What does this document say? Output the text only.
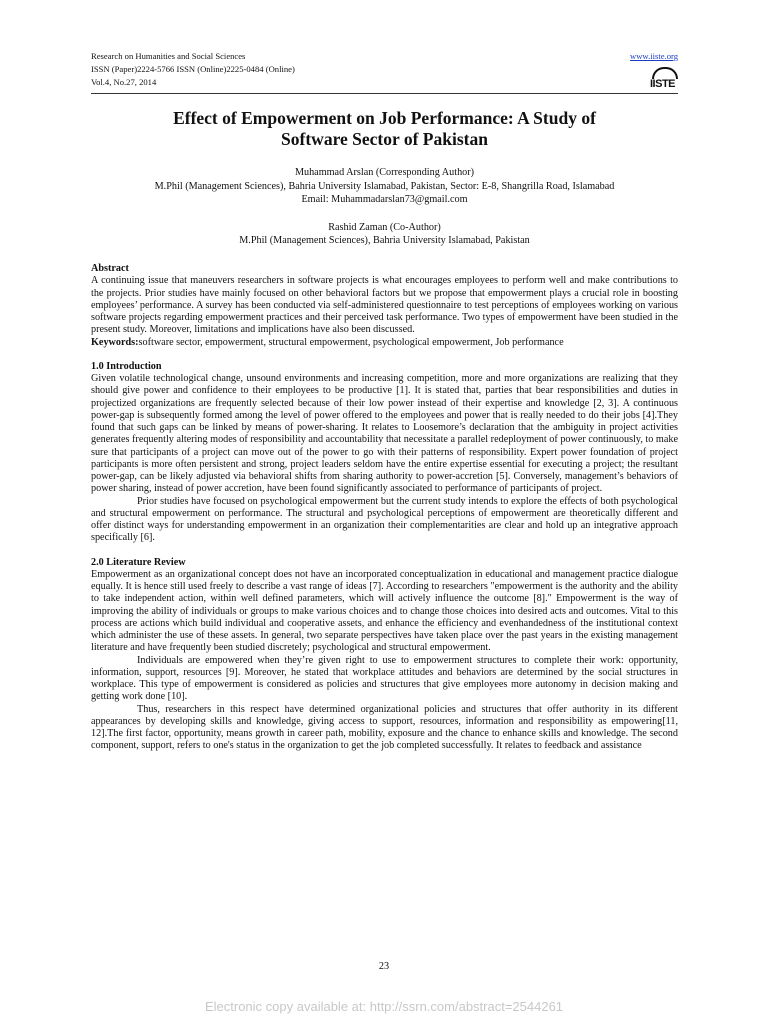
Research on Humanities and Social Sciences
ISSN (Paper)2224-5766 ISSN (Online)2225-0484 (Online)
Vol.4, No.27, 2014
www.iiste.org
IISTE
Effect of Empowerment on Job Performance: A Study of
Software Sector of Pakistan
Muhammad Arslan (Corresponding Author)
M.Phil (Management Sciences), Bahria University Islamabad, Pakistan, Sector: E-8, Shangrilla Road, Islamabad
Email: Muhammadarslan73@gmail.com
Rashid Zaman (Co-Author)
M.Phil (Management Sciences), Bahria University Islamabad, Pakistan

Abstract

A continuing issue that maneuvers researchers in software projects is what encourages employees to perform well and make contributions to the projects. Prior studies have mainly focused on other behavioral factors but we propose that empowerment plays a crucial role in boosting employees’ performance. A survey has been conducted via self-administered questionnaire to test perceptions of employees working on various software projects regarding empowerment practices and their perceived task performance. Two types of empowerment have been studied in the present study. Moreover, limitations and implications have also been discussed.

Keywords:software sector, empowerment, structural empowerment, psychological empowerment, Job performance

1.0 Introduction

Given volatile technological change, unsound environments and increasing competition, more and more organizations are realizing that they should give power and confidence to their employees to be productive [1]. It is stated that, parties that bear responsibilities and duties in projectized organizations are frequently selected because of their low power instead of their expertise and knowledge [2, 3]. A continuous power-gap is subsequently formed among the level of power offered to the employees and power that is really needed to do their jobs [4].They found that such gaps can be linked by means of power-sharing. It relates to Loosemore’s declaration that the ambiguity in project activities generates frequently altering modes of responsibility and accountability that necessitate a parallel redeployment of power continuously, to make sure that participants of a project can move out of the power to go with their patterns of responsibility. Expert power foundation of project participants is more often persistent and strong, project leaders seldom have the entire expertise essential for executing a project; the resultant power-gap, can be likely adjusted via behavioral shifts from sharing authority to power-accretion [5]. Conversely, management’s behaviors of power sharing, instead of power accretion, have been found significantly associated to performance of participants of project.

Prior studies have focused on psychological empowerment but the current study intends to explore the effects of both psychological and structural empowerment on performance. The structural and psychological perceptions of empowerment are theoretically different and offer distinct ways for understanding empowerment in an organization their complementarities are clear and hold up an integrative approach specifically [6].

2.0 Literature Review

Empowerment as an organizational concept does not have an incorporated conceptualization in educational and management practice dialogue equally. It is hence still used freely to describe a vast range of ideas [7]. According to researchers "empowerment is the authority and the ability to take independent action, within well defined parameters, which will actively influence the outcome [8]." Empowerment is the way of improving the ability of individuals or groups to make various choices and to change those choices into desired acts and outcomes. Vital to this process are actions which build individual and cooperative assets, and enhance the efficiency and evenhandedness of the institutional context which administer the use of these assets. In general, two separate perspectives have taken place over the past years in the existing management literature and have frequently been studied discretely; psychological and structural empowerment.

Individuals are empowered when they’re given right to use to empowerment structures to complete their work: opportunity, information, support, resources [9]. Moreover, he stated that workplace attitudes and behaviors are determined by the social structures in workplace. This type of empowerment is considered as policies and structures that give employees more autonomy in decision making and getting work done [10].

Thus, researchers in this respect have determined organizational policies and structures that offer authority in its different appearances by developing skills and knowledge, giving access to support, resources, information and responsibility as empowering[11, 12].The first factor, opportunity, means growth in career path, mobility, exposure and the chance to enhance skills and knowledge. The second component, support, refers to one's status in the organization to get the job completed successfully. It relates to feedback and assistance

23
Electronic copy available at: http://ssrn.com/abstract=2544261
